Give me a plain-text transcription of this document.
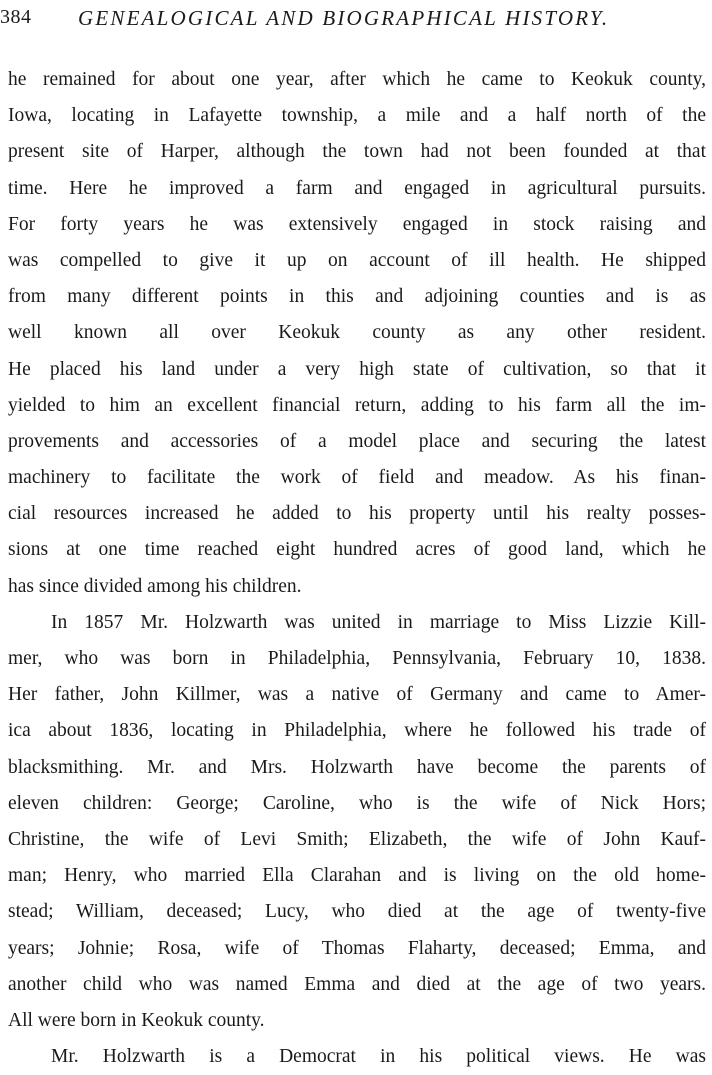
384 GENEALOGICAL AND BIOGRAPHICAL HISTORY.
he remained for about one year, after which he came to Keokuk county,
Iowa, locating in Lafayette township, a mile and a half north of the
present site of Harper, although the town had not been founded at that
time. Here he improved a farm and engaged in agricultural pursuits.
For forty years he was extensively engaged in stock raising and
was compelled to give it up on account of ill health. He shipped
from many different points in this and adjoining counties and is as
well known all over Keokuk county as any other resident.
He placed his land under a very high state of cultivation, so that it
yielded to him an excellent financial return, adding to his farm all the im-
provements and accessories of a model place and securing the latest
machinery to facilitate the work of field and meadow. As his finan-
cial resources increased he added to his property until his realty posses-
sions at one time reached eight hundred acres of good land, which he
has since divided among his children.
In 1857 Mr. Holzwarth was united in marriage to Miss Lizzie Kill-
mer, who was born in Philadelphia, Pennsylvania, February 10, 1838.
Her father, John Killmer, was a native of Germany and came to Amer-
ica about 1836, locating in Philadelphia, where he followed his trade of
blacksmithing. Mr. and Mrs. Holzwarth have become the parents of
eleven children: George; Caroline, who is the wife of Nick Hors;
Christine, the wife of Levi Smith; Elizabeth, the wife of John Kauf-
man; Henry, who married Ella Clarahan and is living on the old home-
stead; William, deceased; Lucy, who died at the age of twenty-five
years; Johnie; Rosa, wife of Thomas Flaharty, deceased; Emma, and
another child who was named Emma and died at the age of two years.
All were born in Keokuk county.
Mr. Holzwarth is a Democrat in his political views. He was
